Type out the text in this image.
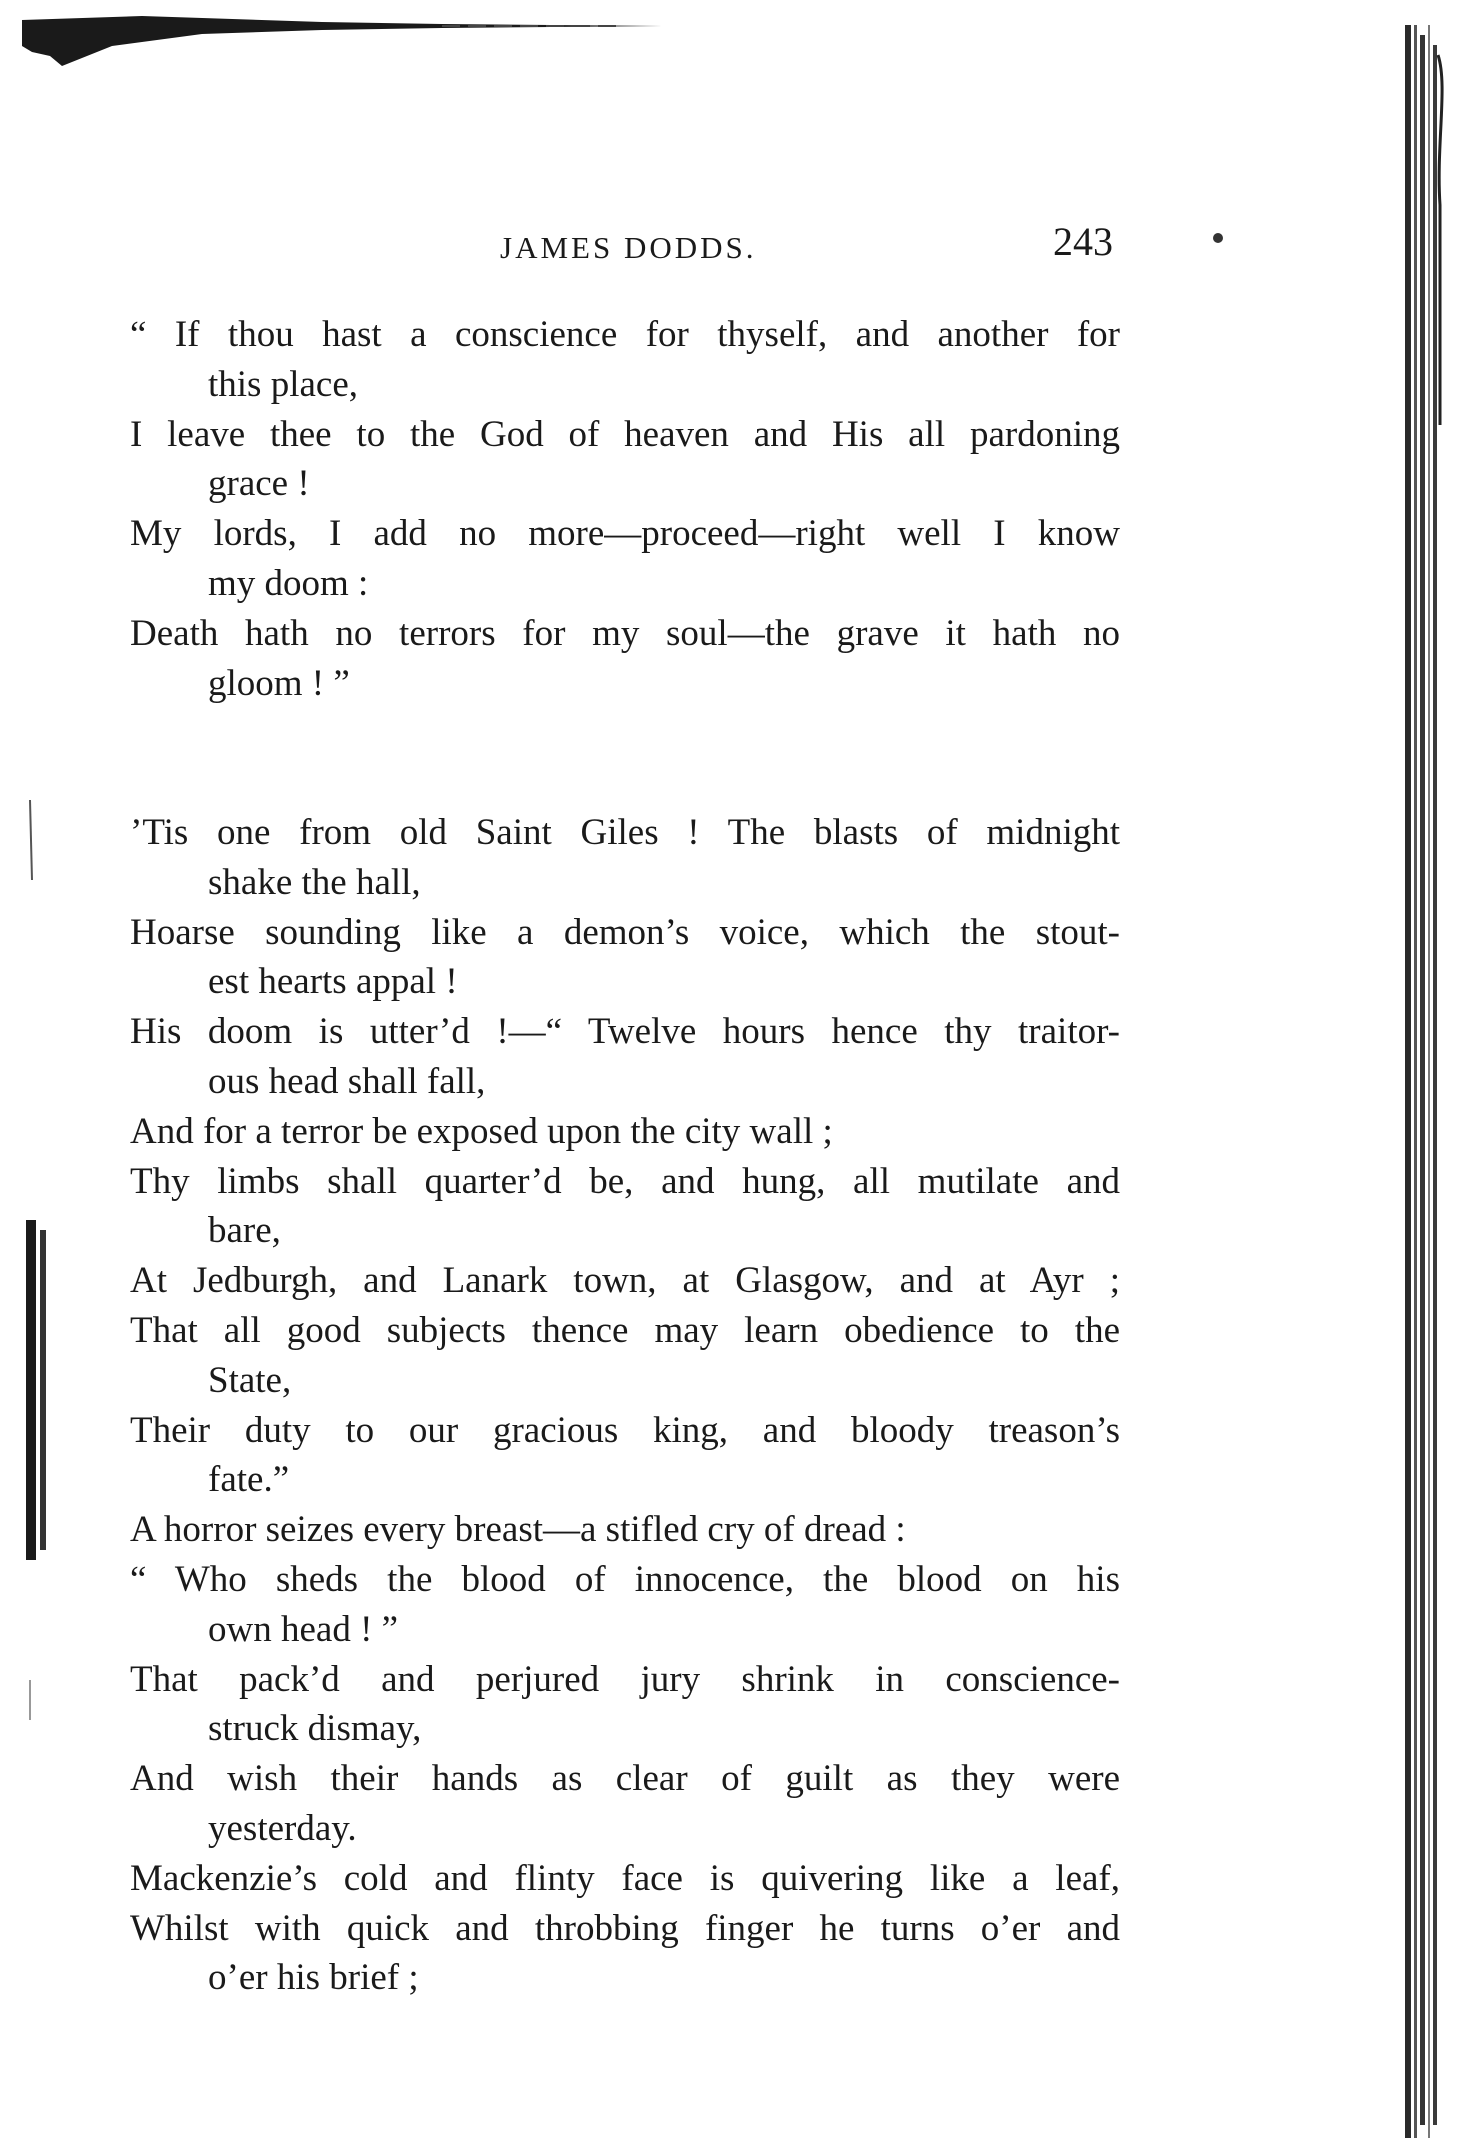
JAMES DODDS.	243
“ If thou hast a conscience for thyself, and another for
this place,
I leave thee to the God of heaven and His all pardoning
grace !
My lords, I add no more—proceed—right well I know
my doom :
Death hath no terrors for my soul—the grave it hath no
gloom ! ”
’Tis one from old Saint Giles ! The blasts of midnight
shake the hall,
Hoarse sounding like a demon’s voice, which the stout-
est hearts appal !
His doom is utter’d !—“ Twelve hours hence thy traitor-
ous head shall fall,
And for a terror be exposed upon the city wall ;
Thy limbs shall quarter’d be, and hung, all mutilate and
bare,
At Jedburgh, and Lanark town, at Glasgow, and at Ayr ;
That all good subjects thence may learn obedience to the
State,
Their duty to our gracious king, and bloody treason’s
fate.”
A horror seizes every breast—a stifled cry of dread :
“ Who sheds the blood of innocence, the blood on his
own head ! ”
That pack’d and perjured jury shrink in conscience-
struck dismay,
And wish their hands as clear of guilt as they were
yesterday.
Mackenzie’s cold and flinty face is quivering like a leaf,
Whilst with quick and throbbing finger he turns o’er and
o’er his brief ;
